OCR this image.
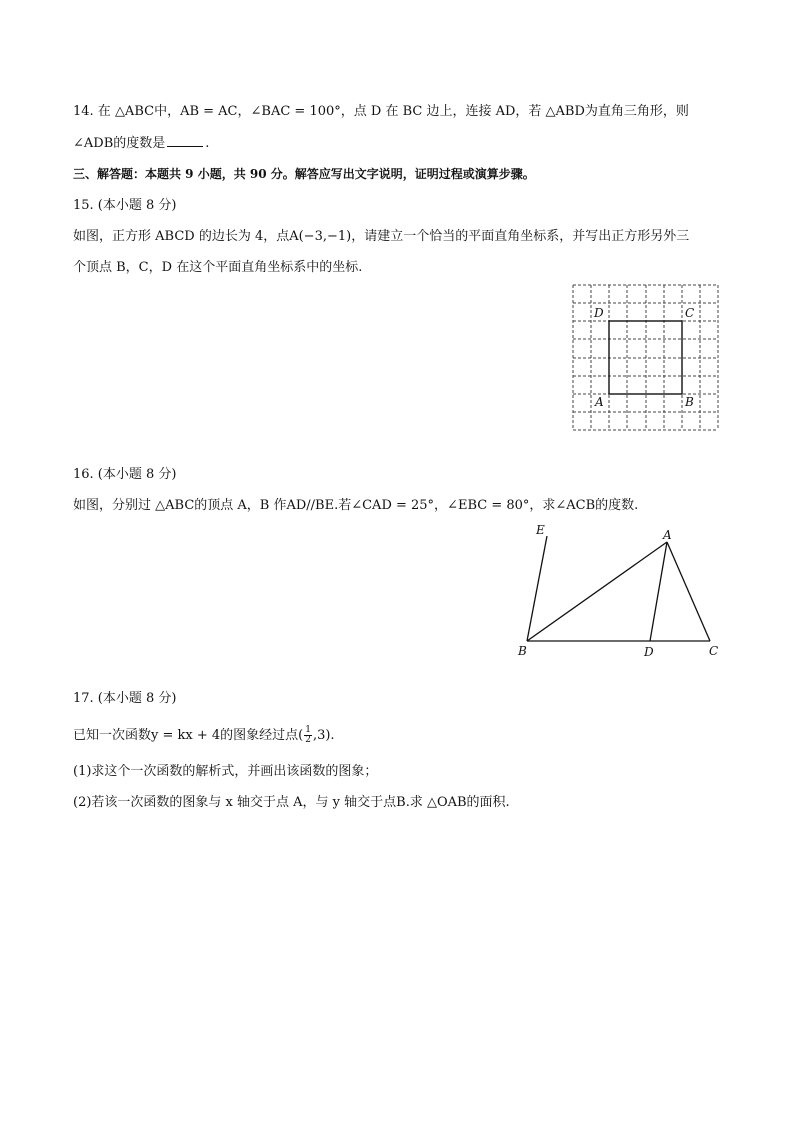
14. 在 △ABC中，AB = AC，∠BAC = 100°，点 D 在 BC 边上，连接 AD，若 △ABD为直角三角形，则
∠ADB的度数是	.
三、解答题：本题共 9 小题，共 90 分。解答应写出文字说明，证明过程或演算步骤。
15. (本小题 8 分)
如图，正方形 ABCD 的边长为 4，点A(−3,−1)，请建立一个恰当的平面直角坐标系，并写出正方形另外三
个顶点 B，C，D 在这个平面直角坐标系中的坐标.
D	C
A	B
16. (本小题 8 分)
如图，分别过 △ABC的顶点 A，B 作AD//BE.若∠CAD = 25°，∠EBC = 80°，求∠ACB的度数.
E	A
B	D	C
17. (本小题 8 分)
已知一次函数y = kx + 4的图象经过点( $\frac{1}{2} ,3$).
(1)求这个一次函数的解析式，并画出该函数的图象；
(2)若该一次函数的图象与 x 轴交于点 A，与 y 轴交于点B.求 △OAB的面积.
